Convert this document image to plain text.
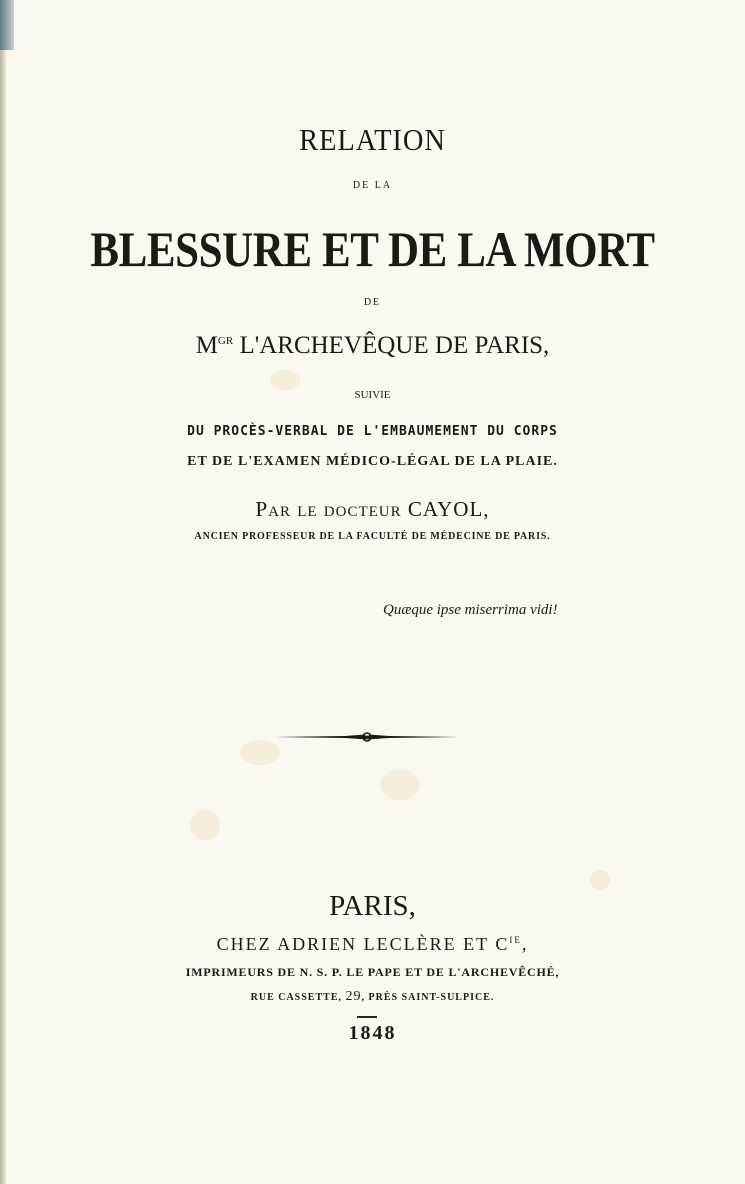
RELATION
DE LA
BLESSURE ET DE LA MORT
DE
$M^{GR}$ L'ARCHEVÊQUE DE PARIS,
SUIVIE
DU PROCÈS-VERBAL DE L'EMBAUMEMENT DU CORPS
ET DE L'EXAMEN MÉDICO-LÉGAL DE LA PLAIE.
Par le docteur CAYOL,
ANCIEN PROFESSEUR DE LA FACULTÉ DE MÉDECINE DE PARIS.
Quæque ipse miserrima vidi!
PARIS,
CHEZ ADRIEN LECLÈRE ET $C^{IE}$,
IMPRIMEURS DE N. S. P. LE PAPE ET DE L'ARCHEVÊCHÉ,
RUE CASSETTE, 29, PRÈS SAINT-SULPICE.
1848
